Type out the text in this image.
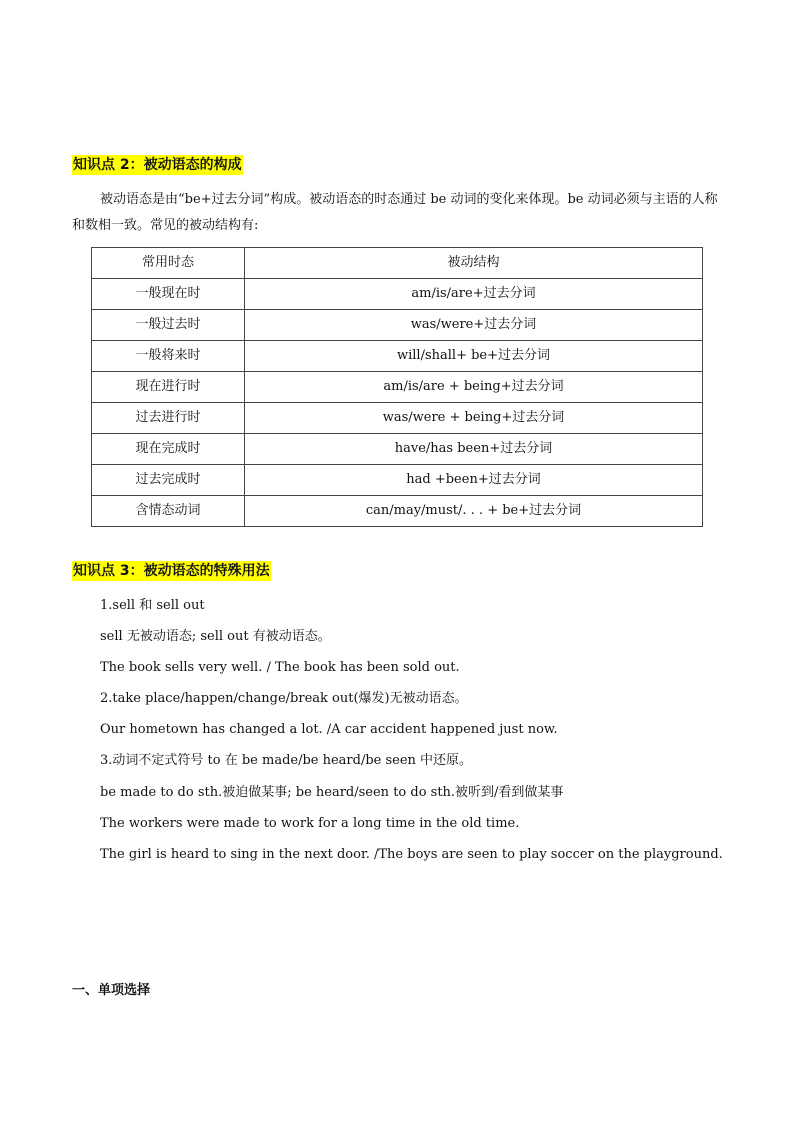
知识点 2：被动语态的构成

被动语态是由“be+过去分词”构成。被动语态的时态通过 be 动词的变化来体现。be 动词必须与主语的人称和数相一致。常见的被动结构有:

常用时态	被动结构
一般现在时	am/is/are+过去分词
一般过去时	was/were+过去分词
一般将来时	will/shall+ be+过去分词
现在进行时	am/is/are + being+过去分词
过去进行时	was/were + being+过去分词
现在完成时	have/has been+过去分词
过去完成时	had +been+过去分词
含情态动词	can/may/must/. . . + be+过去分词
知识点 3：被动语态的特殊用法
1.sell 和 sell out
sell 无被动语态; sell out 有被动语态。
The book sells very well. / The book has been sold out.
2.take place/happen/change/break out(爆发)无被动语态。
Our hometown has changed a lot. /A car accident happened just now.
3.动词不定式符号 to 在 be made/be heard/be seen 中还原。
be made to do sth.被迫做某事; be heard/seen to do sth.被听到/看到做某事
The workers were made to work for a long time in the old time.
The girl is heard to sing in the next door. /The boys are seen to play soccer on the playground.
一、单项选择
